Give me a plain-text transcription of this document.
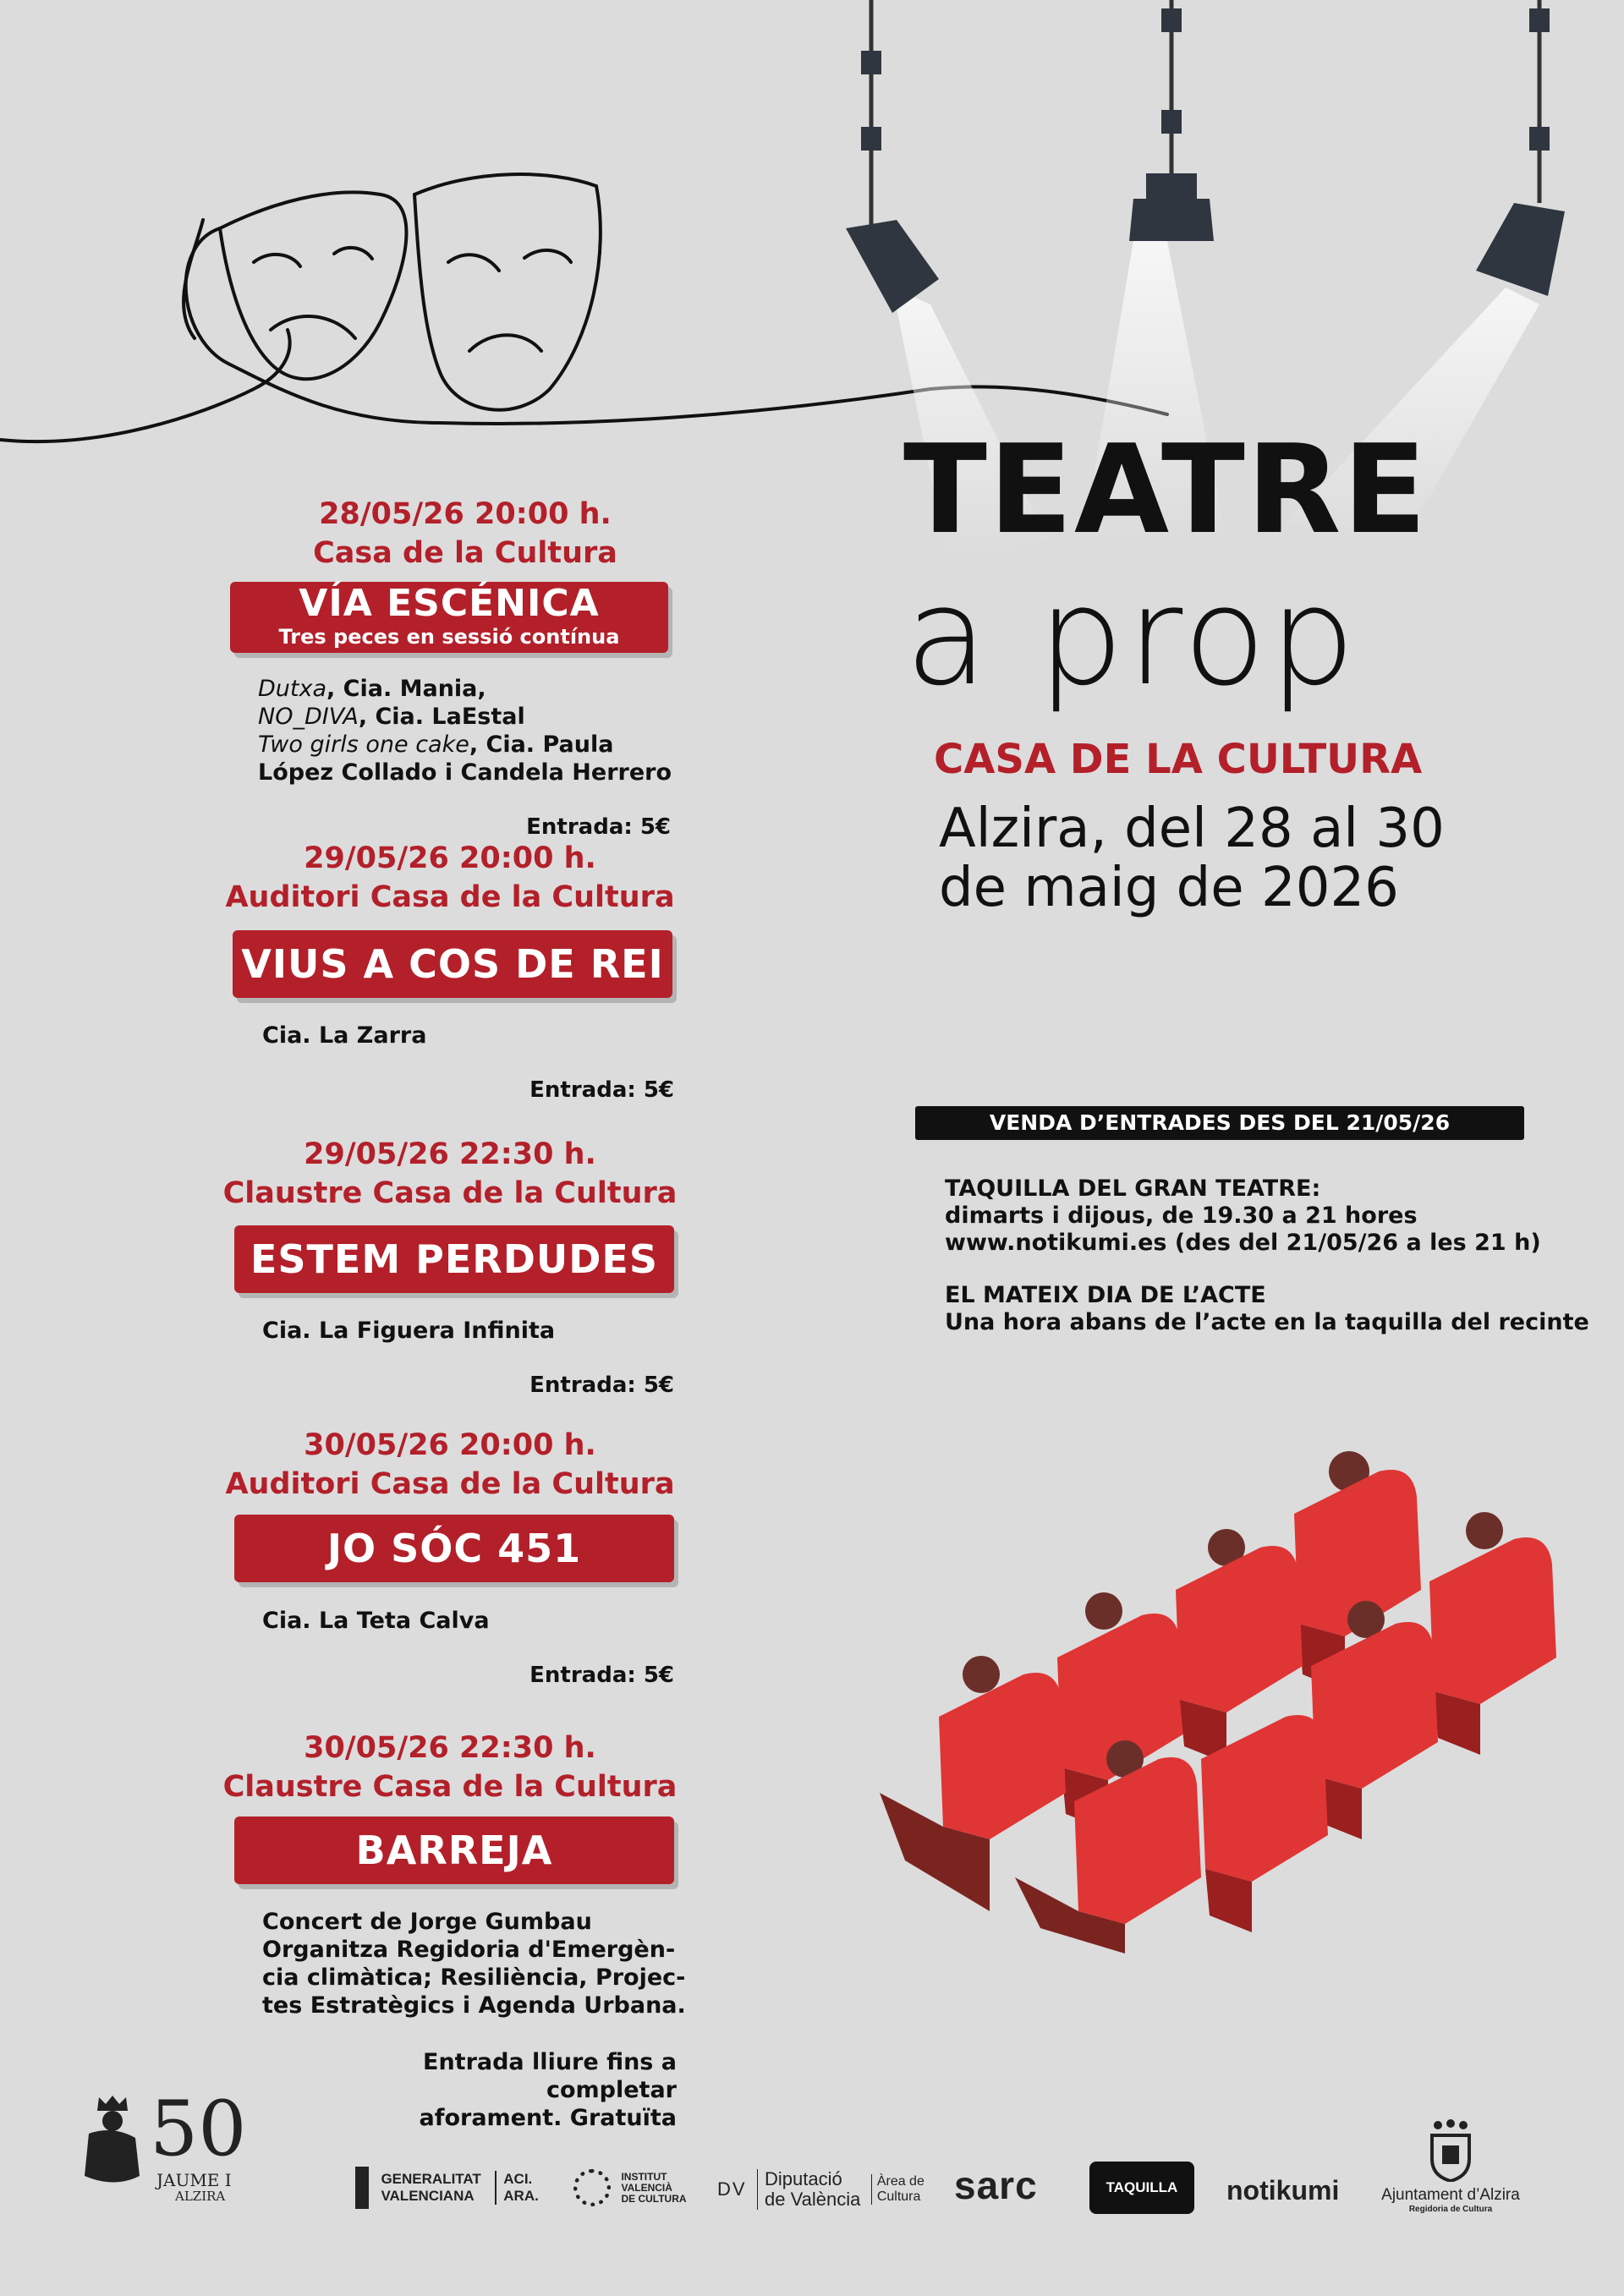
TEATRE
a prop
CASA DE LA CULTURA
Alzira, del 28 al 30
de maig de 2026
28/05/26 20:00 h.
Casa de la Cultura
VÍA ESCÉNICA
Tres peces en sessió contínua
Dutxa, Cia. Mania,
NO_DIVA, Cia. LaEstal
Two girls one cake, Cia. Paula
López Collado i Candela Herrero
Entrada: 5€
29/05/26 20:00 h.
Auditori Casa de la Cultura
VIUS A COS DE REI
Cia. La Zarra
Entrada: 5€
29/05/26 22:30 h.
Claustre Casa de la Cultura
ESTEM PERDUDES
Cia. La Figuera Infinita
Entrada: 5€
30/05/26 20:00 h.
Auditori Casa de la Cultura
JO SÓC 451
Cia. La Teta Calva
Entrada: 5€
30/05/26 22:30 h.
Claustre Casa de la Cultura
BARREJA
Concert de Jorge Gumbau
Organitza Regidoria d'Emergèn-
cia climàtica; Resiliència, Projec-
tes Estratègics i Agenda Urbana.
Entrada lliure fins a completar
aforament. Gratuïta
VENDA D’ENTRADES DES DEL 21/05/26
TAQUILLA DEL GRAN TEATRE:
dimarts i dijous, de 19.30 a 21 hores
www.notikumi.es (des del 21/05/26 a les 21 h)
EL MATEIX DIA DE L’ACTE
Una hora abans de l’acte en la taquilla del recinte
50
JAUME I
ALZIRA
GENERALITAT
VALENCIANA ACI.
ARA.
INSTITUT
VALENCIÀ
DE CULTURA DV Diputació
de València Àrea de
Cultura sarc	TAQUILLA	notikumi	Ajuntament d’Alzira
Regidoria de Cultura
